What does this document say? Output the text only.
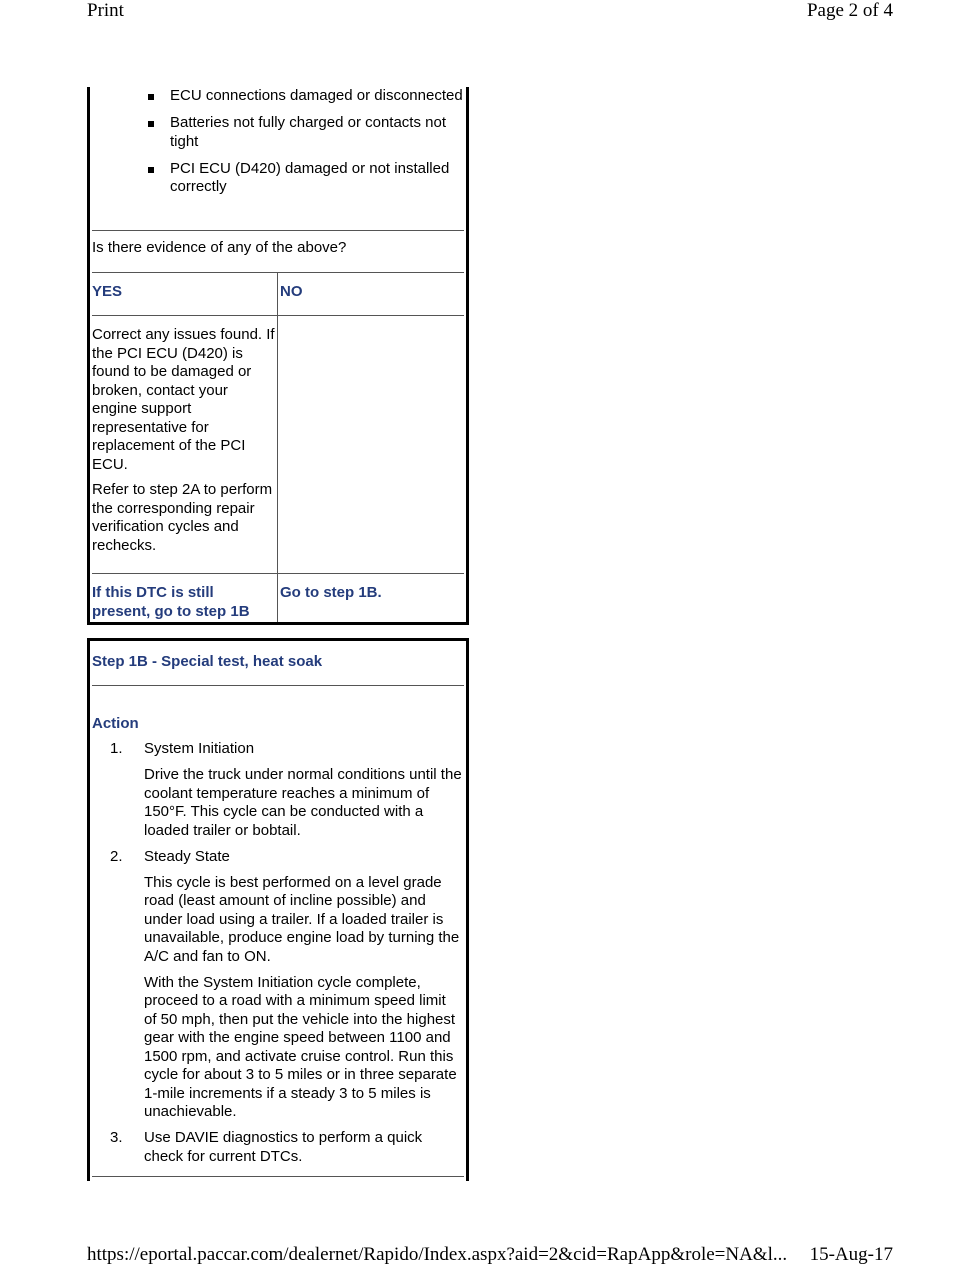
Print	Page 2 of 4
ECU connections damaged or disconnected
Batteries not fully charged or contacts not tight
PCI ECU (D420) damaged or not installed correctly
Is there evidence of any of the above?
YES	NO

Correct any issues found. If the PCI ECU (D420) is found to be damaged or broken, contact your engine support representative for replacement of the PCI ECU.

Refer to step 2A to perform the corresponding repair verification cycles and rechecks.

If this DTC is still present, go to step 1B
Go to step 1B.
Step 1B - Special test, heat soak
Action
1. System Initiation

Drive the truck under normal conditions until the coolant temperature reaches a minimum of 150°F. This cycle can be conducted with a loaded trailer or bobtail.

2. Steady State

This cycle is best performed on a level grade road (least amount of incline possible) and under load using a trailer. If a loaded trailer is unavailable, produce engine load by turning the A/C and fan to ON.

With the System Initiation cycle complete, proceed to a road with a minimum speed limit of 50 mph, then put the vehicle into the highest gear with the engine speed between 1100 and 1500 rpm, and activate cruise control. Run this cycle for about 3 to 5 miles or in three separate 1-mile increments if a steady 3 to 5 miles is unachievable.

3. Use DAVIE diagnostics to perform a quick check for current DTCs.

https://eportal.paccar.com/dealernet/Rapido/Index.aspx?aid=2&cid=RapApp&role=NA&l... 15-Aug-17
